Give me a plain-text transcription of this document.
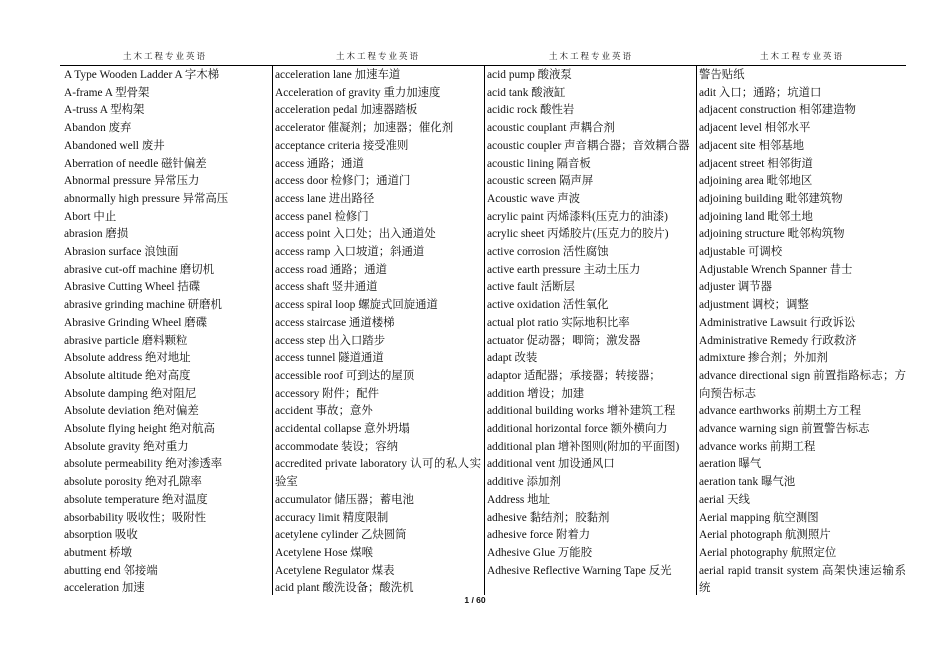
土木工程专业英语	土木工程专业英语	土木工程专业英语	土木工程专业英语
A Type Wooden Ladder A 字木梯
A-frame A 型骨架
A-truss A 型构架
Abandon 废弃
Abandoned well 废井
Aberration of needle 磁针偏差
Abnormal pressure 异常压力
abnormally high pressure 异常高压
Abort 中止
abrasion 磨损
Abrasion surface 浪蚀面
abrasive cut-off machine 磨切机
Abrasive Cutting Wheel 拮碟
abrasive grinding machine 研磨机
Abrasive Grinding Wheel 磨碟
abrasive particle 磨料颗粒
Absolute address 绝对地址
Absolute altitude 绝对高度
Absolute damping 绝对阻尼
Absolute deviation 绝对偏差
Absolute flying height 绝对航高
Absolute gravity 绝对重力
absolute permeability 绝对渗透率
absolute porosity 绝对孔隙率
absolute temperature 绝对温度
absorbability 吸收性；吸附性
absorption 吸收
abutment 桥墩
abutting end 邻接端
acceleration 加速
acceleration lane 加速车道
Acceleration of gravity 重力加速度
acceleration pedal 加速器踏板
accelerator 催凝剂；加速器；催化剂
acceptance criteria 接受准则
access 通路；通道
access door 检修门；通道门
access lane 进出路径
access panel 检修门
access point 入口处；出入通道处
access ramp 入口坡道；斜通道
access road 通路；通道
access shaft 竖井通道
access spiral loop 螺旋式回旋通道
access staircase 通道楼梯
access step 出入口踏步
access tunnel 隧道通道
accessible roof 可到达的屋顶
accessory 附件；配件
accident 事故；意外
accidental collapse 意外坍塌
accommodate 装设；容纳
accredited private laboratory 认可的私人实验室
accumulator 储压器；蓄电池
accuracy limit 精度限制
acetylene cylinder 乙炔圆筒
Acetylene Hose 煤喉
Acetylene Regulator 煤表
acid plant 酸洗设备；酸洗机
acid pump 酸液泵
acid tank 酸液缸
acidic rock 酸性岩
acoustic couplant 声耦合剂
acoustic coupler 声音耦合器；音效耦合器
acoustic lining 隔音板
acoustic screen 隔声屏
Acoustic wave 声波
acrylic paint 丙烯漆料(压克力的油漆)
acrylic sheet 丙烯胶片(压克力的胶片)
active corrosion 活性腐蚀
active earth pressure 主动土压力
active fault 活断层
active oxidation 活性氧化
actual plot ratio 实际地积比率
actuator 促动器；唧筒；激发器
adapt 改装
adaptor 适配器；承接器；转接器；
addition 增设；加建
additional building works 增补建筑工程
additional horizontal force 额外横向力
additional plan 增补图则(附加的平面图)
additional vent 加设通风口
additive 添加剂
Address 地址
adhesive 黏结剂；胶黏剂
adhesive force 附着力
Adhesive Glue 万能胶
Adhesive Reflective Warning Tape 反光
警告贴纸
adit 入口；通路；坑道口
adjacent construction 相邻建造物
adjacent level 相邻水平
adjacent site 相邻基地
adjacent street 相邻街道
adjoining area 毗邻地区
adjoining building 毗邻建筑物
adjoining land 毗邻土地
adjoining structure 毗邻构筑物
adjustable 可调校
Adjustable Wrench Spanner 昔士
adjuster 调节器
adjustment 调校；调整
Administrative Lawsuit 行政诉讼
Administrative Remedy 行政救济
admixture 掺合剂；外加剂
advance directional sign 前置指路标志；方向预告标志
advance earthworks 前期土方工程
advance warning sign 前置警告标志
advance works 前期工程
aeration 曝气
aeration tank 曝气池
aerial 天线
Aerial mapping 航空测图
Aerial photograph 航测照片
Aerial photography 航照定位
aerial rapid transit system 高架快速运输系统
1 / 60
